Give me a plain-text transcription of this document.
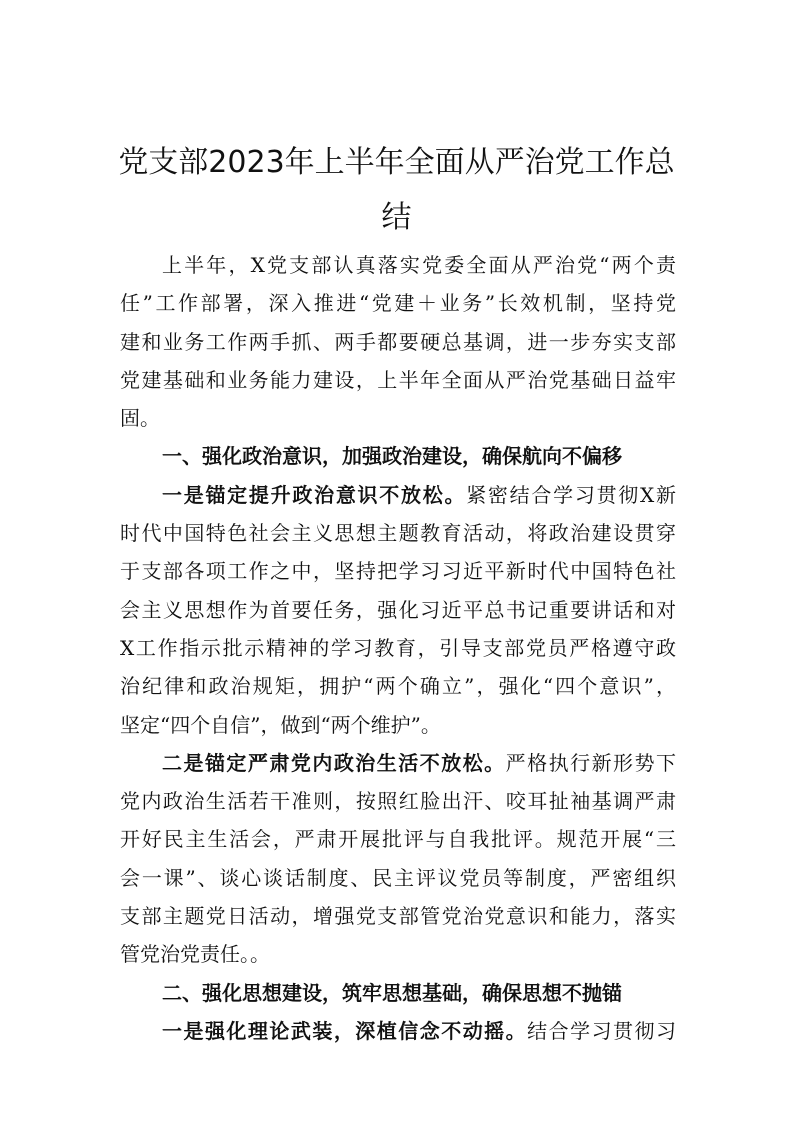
党支部2023年上半年全面从严治党工作总
结
上半年，X党支部认真落实党委全面从严治党“两个责
任”工作部署，深入推进“党建＋业务”长效机制，坚持党
建和业务工作两手抓、两手都要硬总基调，进一步夯实支部
党建基础和业务能力建设，上半年全面从严治党基础日益牢
固。
一、强化政治意识，加强政治建设，确保航向不偏移
一是锚定提升政治意识不放松。紧密结合学习贯彻X新
时代中国特色社会主义思想主题教育活动，将政治建设贯穿
于支部各项工作之中，坚持把学习习近平新时代中国特色社
会主义思想作为首要任务，强化习近平总书记重要讲话和对
X工作指示批示精神的学习教育，引导支部党员严格遵守政
治纪律和政治规矩，拥护“两个确立”，强化“四个意识”，
坚定“四个自信”，做到“两个维护”。
二是锚定严肃党内政治生活不放松。严格执行新形势下
党内政治生活若干准则，按照红脸出汗、咬耳扯袖基调严肃
开好民主生活会，严肃开展批评与自我批评。规范开展“三
会一课”、谈心谈话制度、民主评议党员等制度，严密组织
支部主题党日活动，增强党支部管党治党意识和能力，落实
管党治党责任。。
二、强化思想建设，筑牢思想基础，确保思想不抛锚
一是强化理论武装，深植信念不动摇。结合学习贯彻习
